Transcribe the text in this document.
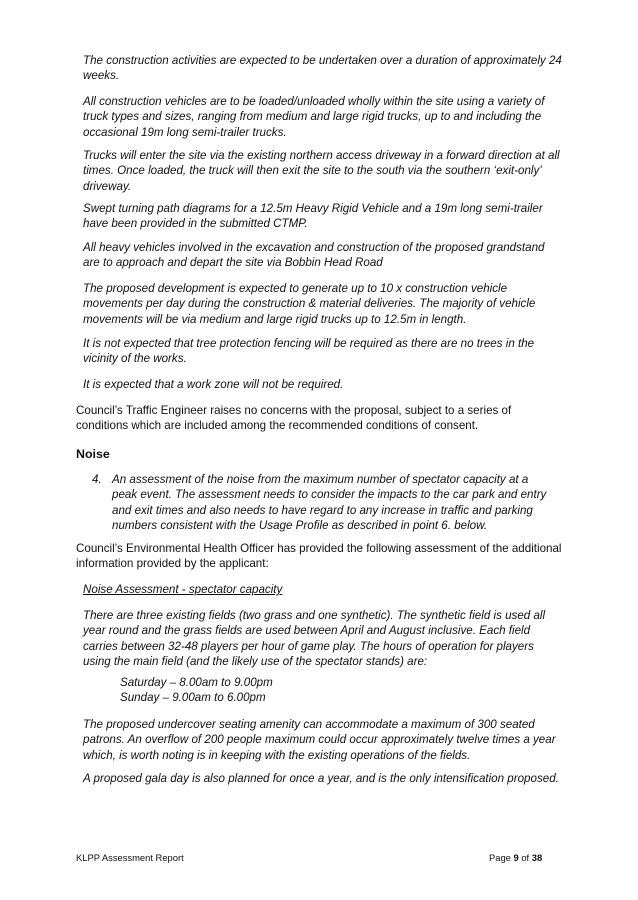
The construction activities are expected to be undertaken over a duration of approximately 24 weeks.

All construction vehicles are to be loaded/unloaded wholly within the site using a variety of truck types and sizes, ranging from medium and large rigid trucks, up to and including the occasional 19m long semi-trailer trucks.

Trucks will enter the site via the existing northern access driveway in a forward direction at all times. Once loaded, the truck will then exit the site to the south via the southern ‘exit-only’ driveway.

Swept turning path diagrams for a 12.5m Heavy Rigid Vehicle and a 19m long semi-trailer have been provided in the submitted CTMP.

All heavy vehicles involved in the excavation and construction of the proposed grandstand are to approach and depart the site via Bobbin Head Road

The proposed development is expected to generate up to 10 x construction vehicle movements per day during the construction & material deliveries. The majority of vehicle movements will be via medium and large rigid trucks up to 12.5m in length.

It is not expected that tree protection fencing will be required as there are no trees in the vicinity of the works.

It is expected that a work zone will not be required.

Council’s Traffic Engineer raises no concerns with the proposal, subject to a series of conditions which are included among the recommended conditions of consent.

Noise
4. An assessment of the noise from the maximum number of spectator capacity at a peak event. The assessment needs to consider the impacts to the car park and entry and exit times and also needs to have regard to any increase in traffic and parking numbers consistent with the Usage Profile as described in point 6. below.

Council’s Environmental Health Officer has provided the following assessment of the additional information provided by the applicant:

Noise Assessment - spectator capacity

There are three existing fields (two grass and one synthetic). The synthetic field is used all year round and the grass fields are used between April and August inclusive. Each field carries between 32-48 players per hour of game play. The hours of operation for players using the main field (and the likely use of the spectator stands) are:

Saturday – 8.00am to 9.00pm
Sunday – 9.00am to 6.00pm

The proposed undercover seating amenity can accommodate a maximum of 300 seated patrons. An overflow of 200 people maximum could occur approximately twelve times a year which, is worth noting is in keeping with the existing operations of the fields.

A proposed gala day is also planned for once a year, and is the only intensification proposed.

KLPP Assessment Report	Page 9 of 38
